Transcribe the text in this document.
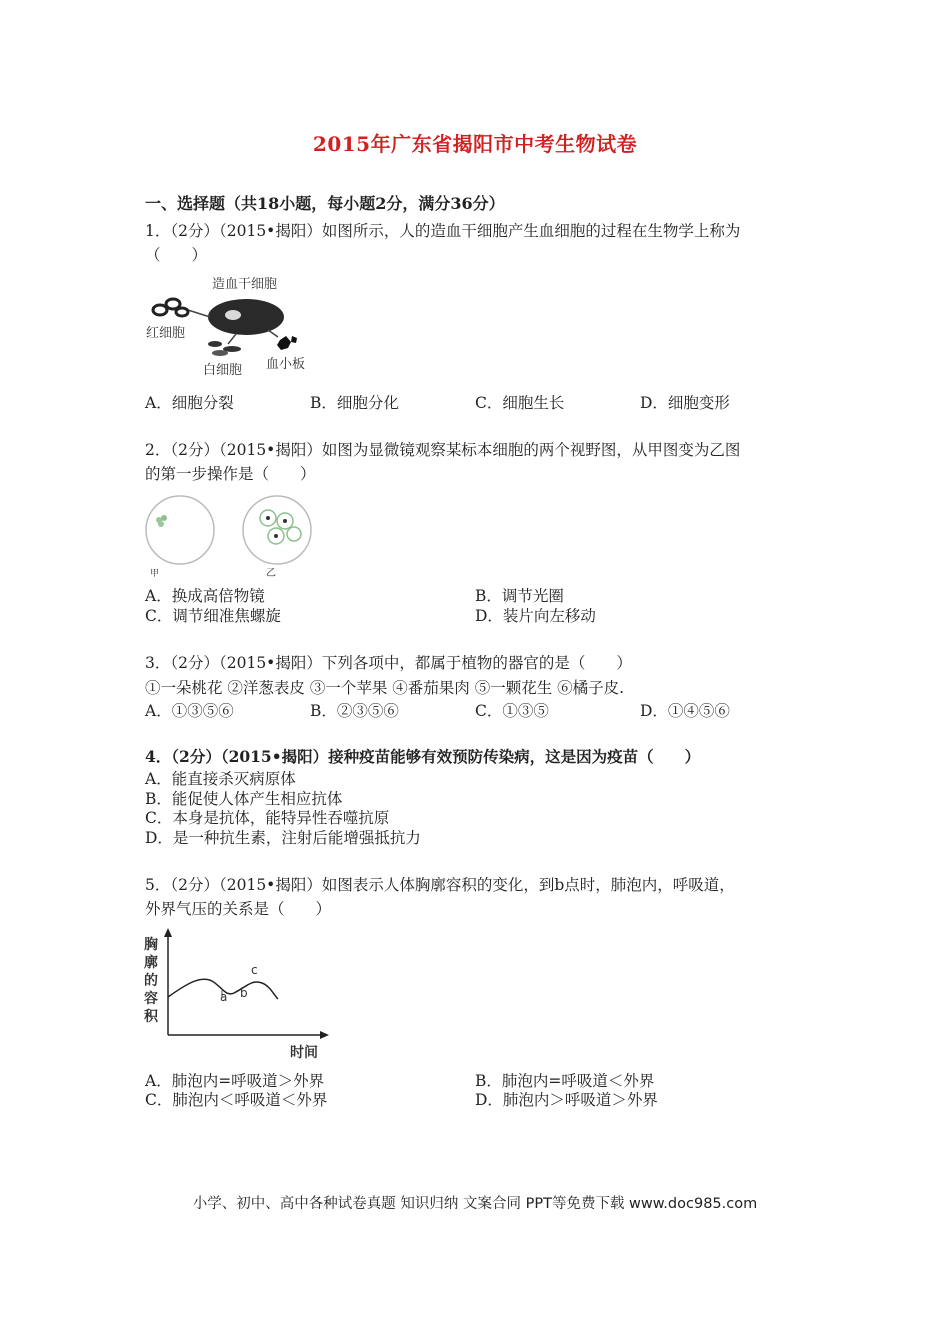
2015年广东省揭阳市中考生物试卷
一、选择题（共18小题，每小题2分，满分36分）
1．（2分）（2015•揭阳）如图所示，人的造血干细胞产生血细胞的过程在生物学上称为
（　　）
造血干细胞
红细胞
白细胞 血小板
A．细胞分裂	B．细胞分化	C．细胞生长	D．细胞变形
2．（2分）（2015•揭阳）如图为显微镜观察某标本细胞的两个视野图，从甲图变为乙图
的第一步操作是（　　）
甲	乙
A．换成高倍物镜	B．调节光圈
C．调节细准焦螺旋	D．装片向左移动
3．（2分）（2015•揭阳）下列各项中，都属于植物的器官的是（　　）
①一朵桃花 ②洋葱表皮 ③一个苹果 ④番茄果肉 ⑤一颗花生 ⑥橘子皮.
A．①③⑤⑥	B．②③⑤⑥	C．①③⑤	D．①④⑤⑥
4．（2分）（2015•揭阳）接种疫苗能够有效预防传染病，这是因为疫苗（　　）
A．能直接杀灭病原体
B．能促使人体产生相应抗体
C．本身是抗体，能特异性吞噬抗原
D．是一种抗生素，注射后能增强抵抗力
5．（2分）（2015•揭阳）如图表示人体胸廓容积的变化，到b点时，肺泡内，呼吸道，
外界气压的关系是（　　）
胸
廓
的
容
积
时间
a b
c
A．肺泡内=呼吸道＞外界	B．肺泡内=呼吸道＜外界
C．肺泡内＜呼吸道＜外界	D．肺泡内＞呼吸道＞外界
小学、初中、高中各种试卷真题 知识归纳 文案合同 PPT等免费下载 www.doc985.com
